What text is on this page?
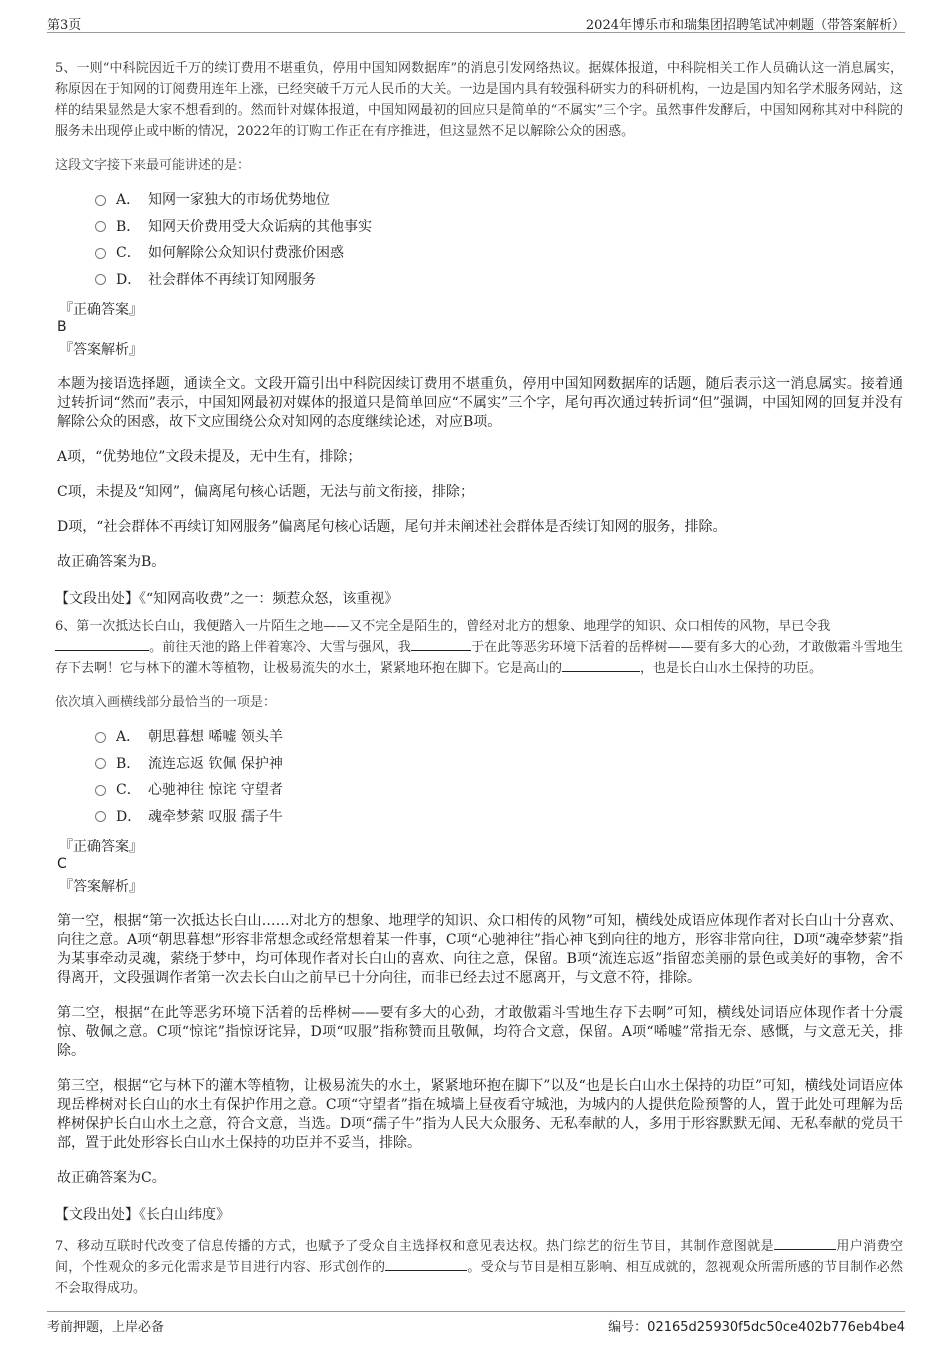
第3页	2024年博乐市和瑞集团招聘笔试冲刺题（带答案解析）

5、一则“中科院因近千万的续订费用不堪重负，停用中国知网数据库”的消息引发网络热议。据媒体报道，中科院相关工作人员确认这一消息属实，称原因在于知网的订阅费用连年上涨，已经突破千万元人民币的大关。一边是国内具有较强科研实力的科研机构，一边是国内知名学术服务网站，这样的结果显然是大家不想看到的。然而针对媒体报道，中国知网最初的回应只是简单的“不属实”三个字。虽然事件发酵后，中国知网称其对中科院的服务未出现停止或中断的情况，2022年的订购工作正在有序推进，但这显然不足以解除公众的困惑。

这段文字接下来最可能讲述的是：

A． 知网一家独大的市场优势地位
B． 知网天价费用受大众诟病的其他事实
C． 如何解除公众知识付费涨价困惑
D． 社会群体不再续订知网服务
『正确答案』
B
『答案解析』

本题为接语选择题，通读全文。文段开篇引出中科院因续订费用不堪重负，停用中国知网数据库的话题，随后表示这一消息属实。接着通过转折词“然而”表示，中国知网最初对媒体的报道只是简单回应“不属实”三个字，尾句再次通过转折词“但”强调，中国知网的回复并没有解除公众的困惑，故下文应围绕公众对知网的态度继续论述，对应B项。

A项，“优势地位”文段未提及，无中生有，排除；

C项，未提及“知网”，偏离尾句核心话题，无法与前文衔接，排除；

D项，“社会群体不再续订知网服务”偏离尾句核心话题，尾句并未阐述社会群体是否续订知网的服务，排除。

故正确答案为B。

【文段出处】《“知网高收费”之一：频惹众怒，该重视》

6、第一次抵达长白山，我便踏入一片陌生之地——又不完全是陌生的，曾经对北方的想象、地理学的知识、众口相传的风物，早已令我
。前往天池的路上伴着寒冷、大雪与强风，我	于在此等恶劣环境下活着的岳桦树——要有多大的心劲，才敢傲霜斗雪地生存下去啊！它与林下的灌木等植物，让极易流失的水土，紧紧地环抱在脚下。它是高山的	，也是长白山水土保持的功臣。

依次填入画横线部分最恰当的一项是：

A． 朝思暮想 唏嘘 领头羊
B． 流连忘返 钦佩 保护神
C． 心驰神往 惊诧 守望者
D． 魂牵梦萦 叹服 孺子牛
『正确答案』
C
『答案解析』

第一空，根据“第一次抵达长白山……对北方的想象、地理学的知识、众口相传的风物”可知，横线处成语应体现作者对长白山十分喜欢、向往之意。A项“朝思暮想”形容非常想念或经常想着某一件事，C项“心驰神往”指心神飞到向往的地方，形容非常向往，D项“魂牵梦萦”指为某事牵动灵魂，萦绕于梦中，均可体现作者对长白山的喜欢、向往之意，保留。B项“流连忘返”指留恋美丽的景色或美好的事物，舍不得离开，文段强调作者第一次去长白山之前早已十分向往，而非已经去过不愿离开，与文意不符，排除。

第二空，根据“在此等恶劣环境下活着的岳桦树——要有多大的心劲，才敢傲霜斗雪地生存下去啊”可知，横线处词语应体现作者十分震惊、敬佩之意。C项“惊诧”指惊讶诧异，D项“叹服”指称赞而且敬佩，均符合文意，保留。A项“唏嘘”常指无奈、感慨，与文意无关，排除。

第三空，根据“它与林下的灌木等植物，让极易流失的水土，紧紧地环抱在脚下”以及“也是长白山水土保持的功臣”可知，横线处词语应体现岳桦树对长白山的水土有保护作用之意。C项“守望者”指在城墙上昼夜看守城池，为城内的人提供危险预警的人，置于此处可理解为岳桦树保护长白山水土之意，符合文意，当选。D项“孺子牛”指为人民大众服务、无私奉献的人，多用于形容默默无闻、无私奉献的党员干部，置于此处形容长白山水土保持的功臣并不妥当，排除。

故正确答案为C。

【文段出处】《长白山纬度》

7、移动互联时代改变了信息传播的方式，也赋予了受众自主选择权和意见表达权。热门综艺的衍生节目，其制作意图就是	用户消费空间，个性观众的多元化需求是节目进行内容、形式创作的	。受众与节目是相互影响、相互成就的，忽视观众所需所感的节目制作必然不会取得成功。

考前押题，上岸必备	编号：02165d25930f5dc50ce402b776eb4be4
